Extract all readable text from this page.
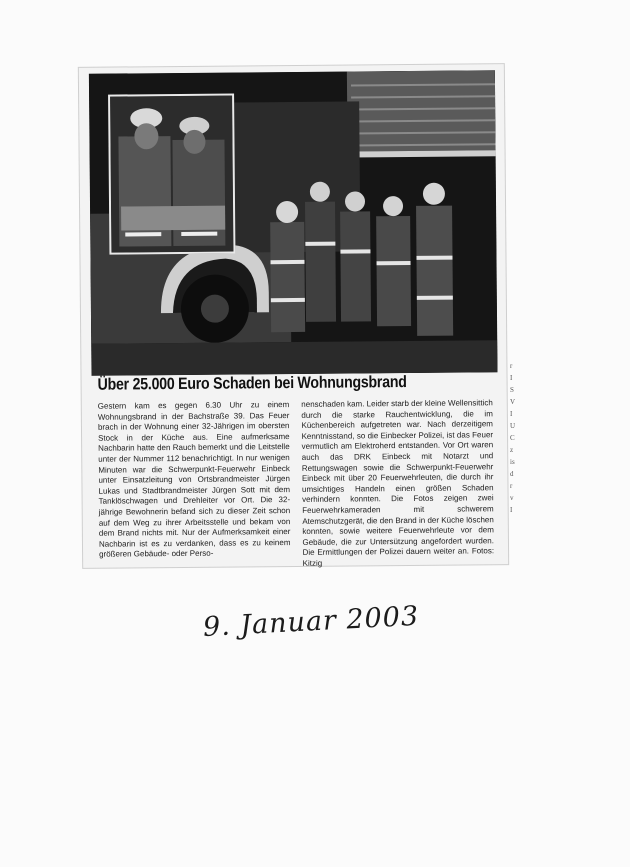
r
I
S
V
I
U
C
z
is
d
r
v
I
Über 25.000 Euro Schaden bei Wohnungsbrand

Gestern kam es gegen 6.30 Uhr zu einem Wohnungsbrand in der Bachstraße 39. Das Feuer brach in der Wohnung einer 32-Jährigen im obersten Stock in der Küche aus. Eine aufmerksame Nachbarin hatte den Rauch bemerkt und die Leitstelle unter der Nummer 112 benachrichtigt. In nur wenigen Minuten war die Schwerpunkt-Feuerwehr Einbeck unter Einsatzleitung von Ortsbrandmeister Jürgen Lukas und Stadtbrandmeister Jürgen Sott mit dem Tanklöschwagen und Drehleiter vor Ort. Die 32-jährige Bewohnerin befand sich zu dieser Zeit schon auf dem Weg zu ihrer Arbeitsstelle und bekam von dem Brand nichts mit. Nur der Aufmerksamkeit einer Nachbarin ist es zu verdanken, dass es zu keinem größeren Gebäude- oder Perso-

nenschaden kam. Leider starb der kleine Wellensittich durch die starke Rauchentwicklung, die im Küchenbereich aufgetreten war. Nach derzeitigem Kenntnisstand, so die Einbecker Polizei, ist das Feuer vermutlich am Elektroherd entstanden. Vor Ort waren auch das DRK Einbeck mit Notarzt und Rettungswagen sowie die Schwerpunkt-Feuerwehr Einbeck mit über 20 Feuerwehrleuten, die durch ihr umsichtiges Handeln einen größen Schaden verhindern konnten. Die Fotos zeigen zwei Feuerwehrkameraden mit schwerem Atemschutzgerät, die den Brand in der Küche löschen konnten, sowie weitere Feuerwehrleute vor dem Gebäude, die zur Untersützung angefordert wurden. Die Ermittlungen der Polizei dauern weiter an. Fotos: Kitzig

9. Januar 2003
